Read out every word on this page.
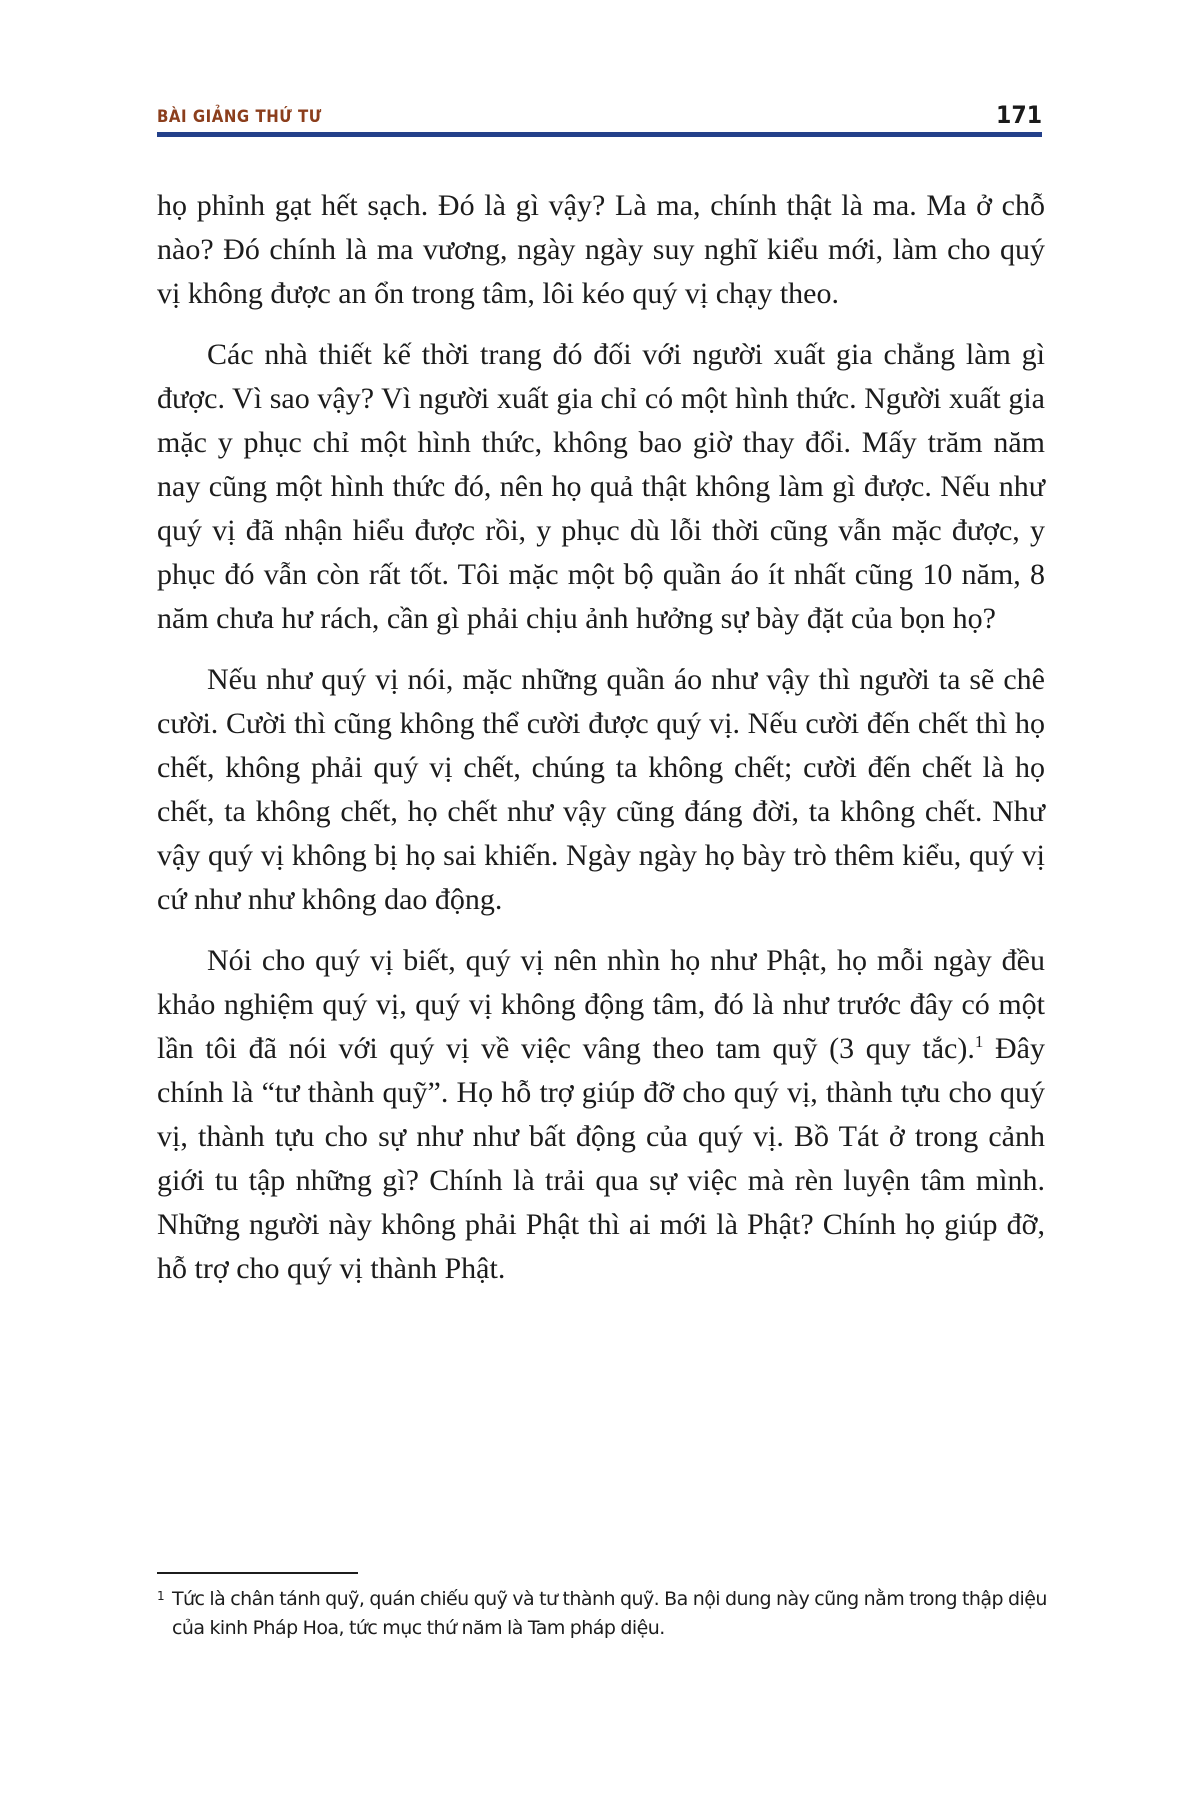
BÀI GIẢNG THỨ TƯ	171

họ phỉnh gạt hết sạch. Đó là gì vậy? Là ma, chính thật là ma. Ma ở chỗ nào? Đó chính là ma vương, ngày ngày suy nghĩ kiểu mới, làm cho quý vị không được an ổn trong tâm, lôi kéo quý vị chạy theo.

Các nhà thiết kế thời trang đó đối với người xuất gia chẳng làm gì được. Vì sao vậy? Vì người xuất gia chỉ có một hình thức. Người xuất gia mặc y phục chỉ một hình thức, không bao giờ thay đổi. Mấy trăm năm nay cũng một hình thức đó, nên họ quả thật không làm gì được. Nếu như quý vị đã nhận hiểu được rồi, y phục dù lỗi thời cũng vẫn mặc được, y phục đó vẫn còn rất tốt. Tôi mặc một bộ quần áo ít nhất cũng 10 năm, 8 năm chưa hư rách, cần gì phải chịu ảnh hưởng sự bày đặt của bọn họ?

Nếu như quý vị nói, mặc những quần áo như vậy thì người ta sẽ chê cười. Cười thì cũng không thể cười được quý vị. Nếu cười đến chết thì họ chết, không phải quý vị chết, chúng ta không chết; cười đến chết là họ chết, ta không chết, họ chết như vậy cũng đáng đời, ta không chết. Như vậy quý vị không bị họ sai khiến. Ngày ngày họ bày trò thêm kiểu, quý vị cứ như như không dao động.

Nói cho quý vị biết, quý vị nên nhìn họ như Phật, họ mỗi ngày đều khảo nghiệm quý vị, quý vị không động tâm, đó là như trước đây có một lần tôi đã nói với quý vị về việc vâng theo tam quỹ (3 quy tắc).$^1$ Đây chính là “tư thành quỹ”. Họ hỗ trợ giúp đỡ cho quý vị, thành tựu cho quý vị, thành tựu cho sự như như bất động của quý vị. Bồ Tát ở trong cảnh giới tu tập những gì? Chính là trải qua sự việc mà rèn luyện tâm mình. Những người này không phải Phật thì ai mới là Phật? Chính họ giúp đỡ, hỗ trợ cho quý vị thành Phật.

1 Tức là chân tánh quỹ, quán chiếu quỹ và tư thành quỹ. Ba nội dung này cũng nằm trong thập diệu của kinh Pháp Hoa, tức mục thứ năm là Tam pháp diệu.
